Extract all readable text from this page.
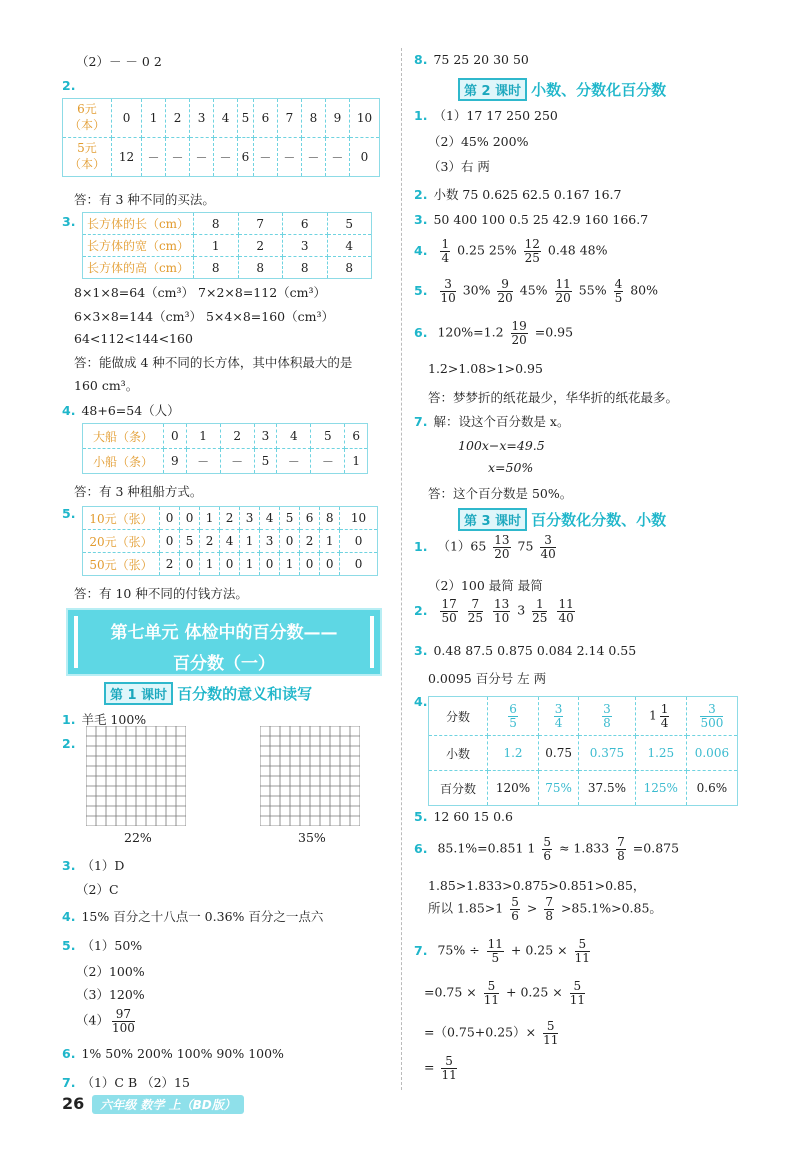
（2）－ － 0 2
2.
6元
（本）	0	1	2	3	4	5	6	7	8	9	10

5元
（本）	12	－	－	－	－	6	－	－	－	－	0
答：有 3 种不同的买法。
3. 长方体的长（cm）	8	7	6	5
长方体的宽（cm）	1	2	3	4
长方体的高（cm）	8	8	8	8
8×1×8=64（cm³） 7×2×8=112（cm³）
6×3×8=144（cm³） 5×4×8=160（cm³）
64<112<144<160
答：能做成 4 种不同的长方体，其中体积最大的是
160 cm³。
4. 48+6=54（人）
大船（条）	0	1	2	3	4	5	6
小船（条）	9	－	－	5	－	－	1
答：有 3 种租船方式。
5.	10元（张）	0	0	1	2	3	4	5	6	8	10
20元（张）	0	5	2	4	1	3	0	2	1	0
50元（张）	2	0	1	0	1	0	1	0	0	0
答：有 10 种不同的付钱方法。
第七单元 体检中的百分数——
百分数（一）
第 1 课时 百分数的意义和读写
1. 羊毛 100%
2.
22%	35%
3. （1）D
（2）C
4. 15% 百分之十八点一 0.36% 百分之一点六
5. （1）50%
（2）100%
（3）120%
$(4) \frac{97}{100}$
6. 1% 50% 200% 100% 90% 100%
7. （1）C B （2）15
8. 75 25 20 30 50
第 2 课时 小数、分数化百分数
1. （1）17 17 250 250
（2）45% 200%
（3）右 两
2. 小数 75 0.625 62.5 0.167 16.7
3. 50 400 100 0.5 25 42.9 160 166.7
4. $\frac{1}{4} 0.25$ $25\% \frac{12}{25} 0.48$ 48%
5. $\frac{3}{10} 30\% \frac{9}{20} 45\% \frac{11}{20} 55\% \frac{4}{5} 80\%$
6. $120\%=1.2 \frac{19}{20} =0.95$
1.2>1.08>1>0.95
答：梦梦折的纸花最少，华华折的纸花最多。
7. 解：设这个百分数是 x。
100x−x=49.5
x=50%
答：这个百分数是 50%。
第 3 课时 百分数化分数、小数
1. $(1)65 \frac{13}{20} 75 \frac{3}{40}$
（2）100 最简 最简
2. $\frac{17}{50}$
$\frac{7}{25}$
$\frac{13}{10} 3 \frac{1}{25}$
$\frac{11}{40}$
3. 0.48 87.5 0.875 0.084 2.14 0.55
0.0095 百分号 左 两
4.
分数	$\frac{6}{5}$	$\frac{3}{4}$	$\frac{3}{8}$	$1 \frac{1}{4}$	$\frac{3}{500}$

小数	1.2	0.75	0.375	1.25	0.006
百分数	120%	75%	37.5%	125%	0.6%
5. 12 60 15 0.6
6. 85.1%=0.851 $1 \frac{5}{6} \approx 1.833 \frac{7}{8} =0.875$
1.85>1.833>0.875>0.851>0.85，
所以 $1.85>1 \frac{5}{6} > \frac{7}{8} >85.1\%>0.85$。
7. $75\% \div \frac{11}{5} + 0.25 \times \frac{5}{11}$
$=0.75 \times \frac{5}{11} + 0.25 \times \frac{5}{11}$
$=(0.75+0.25)\times \frac{5}{11}$
= $\frac{5}{11}$
26 六年级 数学 上（BD版）
